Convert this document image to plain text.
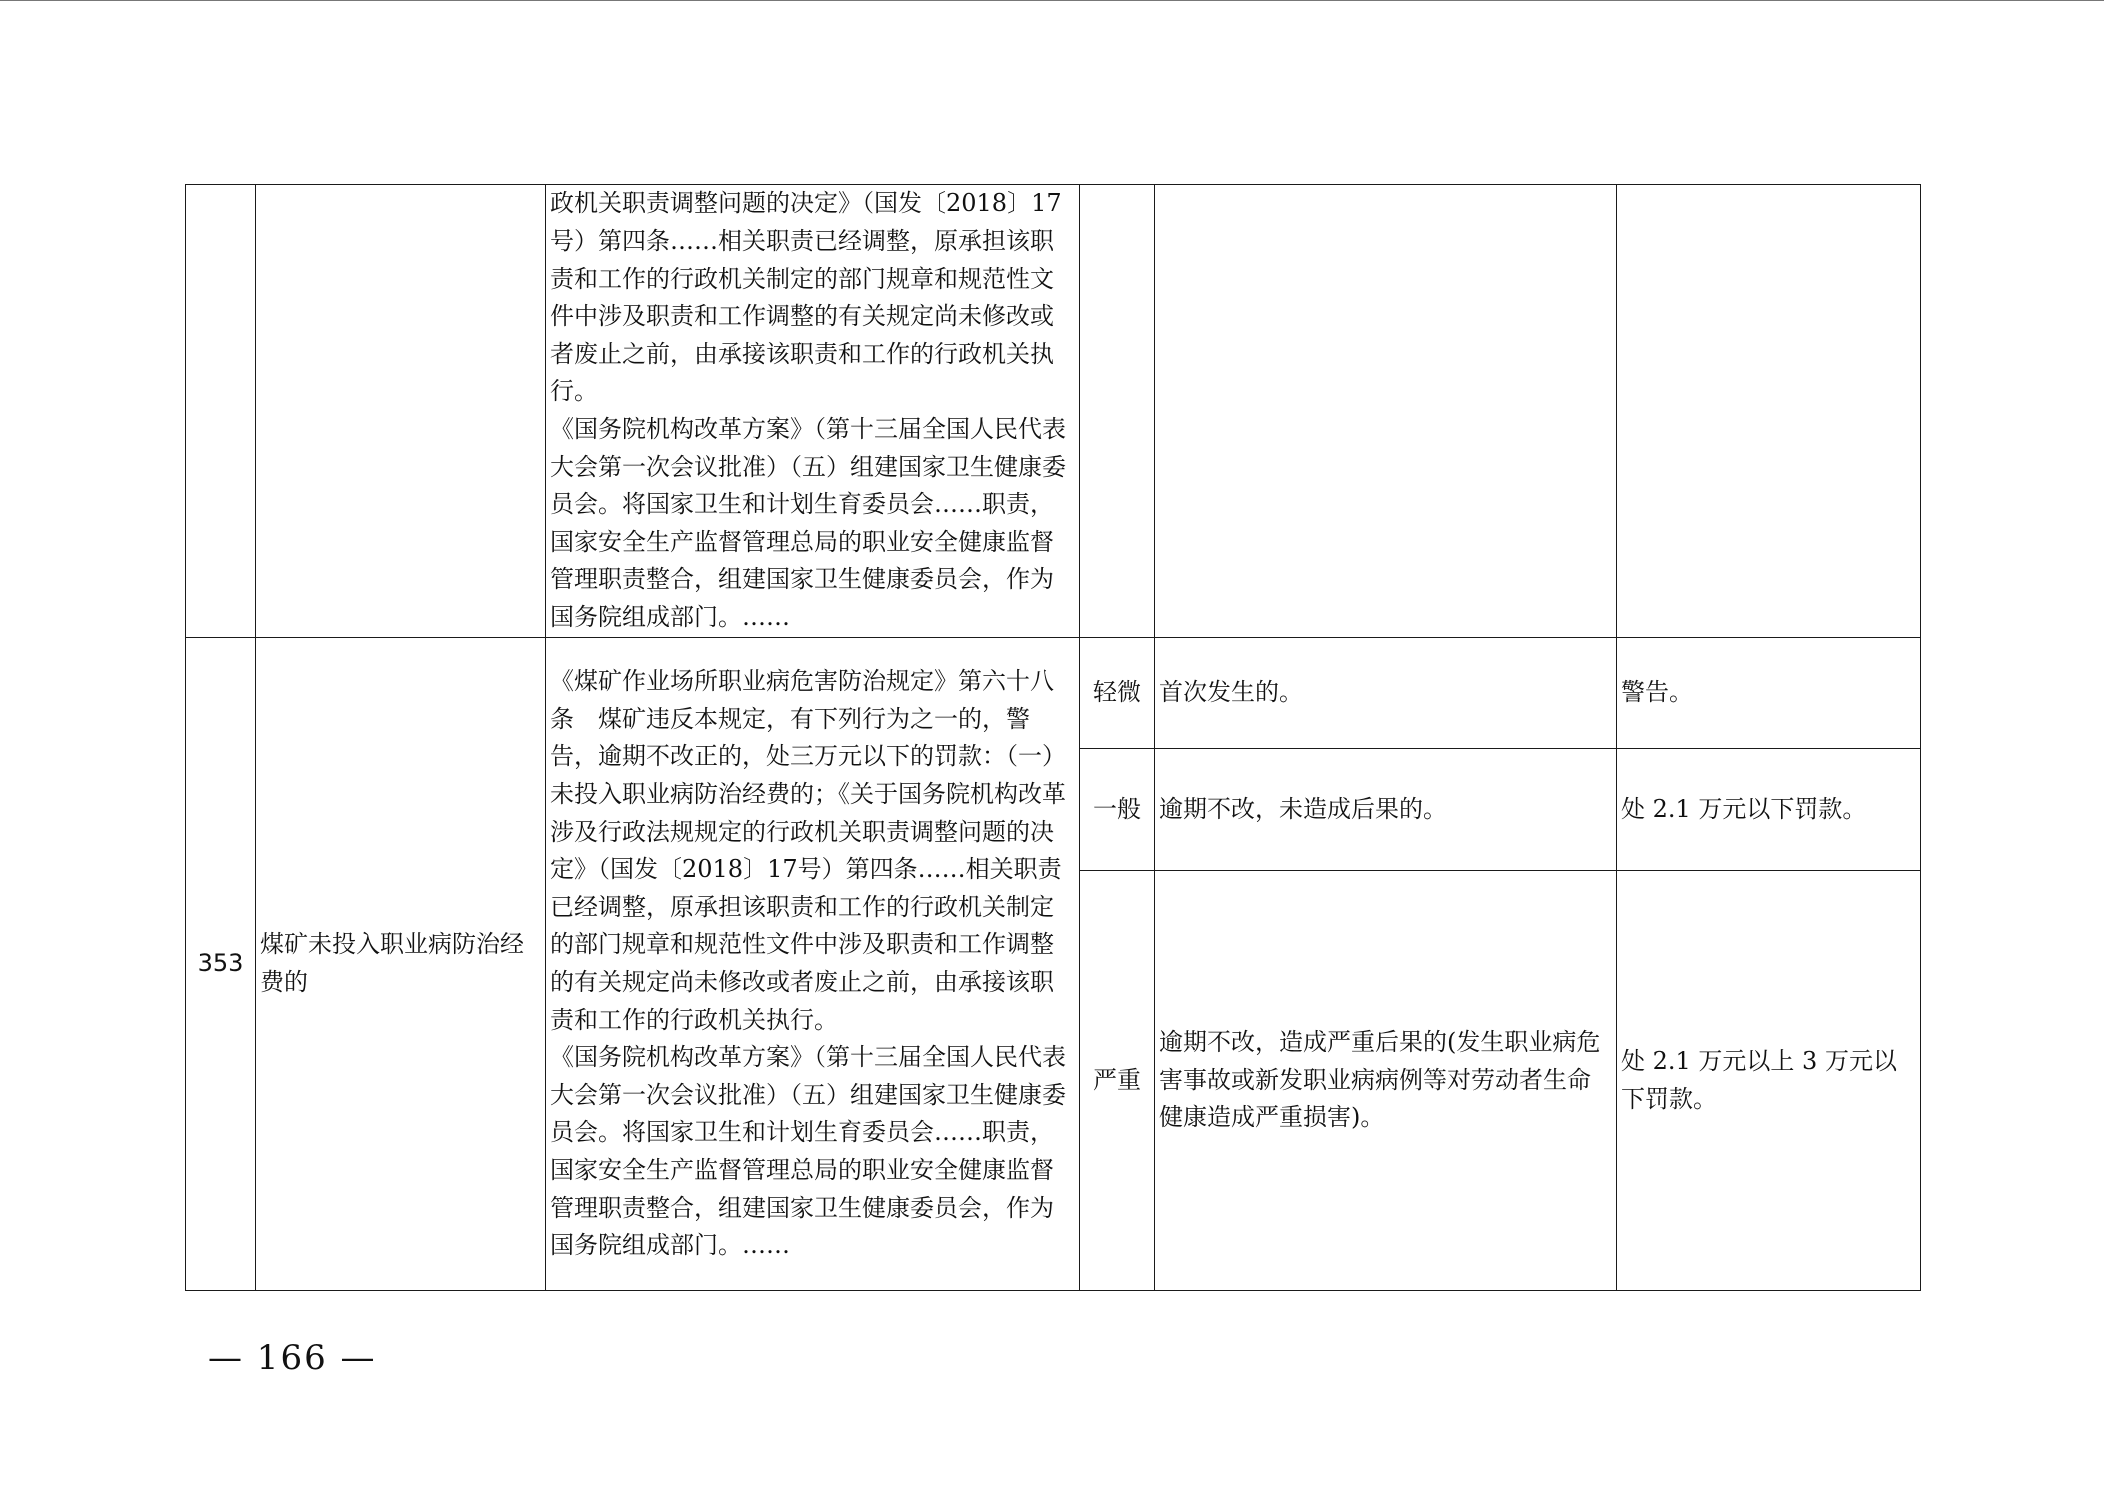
		政机关职责调整问题的决定》（国发〔2018〕17号）第四条……相关职责已经调整，原承担该职责和工作的行政机关制定的部门规章和规范性文件中涉及职责和工作调整的有关规定尚未修改或者废止之前，由承接该职责和工作的行政机关执行。
《国务院机构改革方案》（第十三届全国人民代表大会第一次会议批准）（五）组建国家卫生健康委员会。将国家卫生和计划生育委员会……职责，国家安全生产监督管理总局的职业安全健康监督管理职责整合，组建国家卫生健康委员会，作为国务院组成部门。……			

353	煤矿未投入职业病防治经费的	《煤矿作业场所职业病危害防治规定》第六十八条　煤矿违反本规定，有下列行为之一的，警告，逾期不改正的，处三万元以下的罚款：（一）未投入职业病防治经费的；《关于国务院机构改革涉及行政法规规定的行政机关职责调整问题的决定》（国发〔2018〕17号）第四条……相关职责已经调整，原承担该职责和工作的行政机关制定的部门规章和规范性文件中涉及职责和工作调整的有关规定尚未修改或者废止之前，由承接该职责和工作的行政机关执行。
《国务院机构改革方案》（第十三届全国人民代表大会第一次会议批准）（五）组建国家卫生健康委员会。将国家卫生和计划生育委员会……职责，国家安全生产监督管理总局的职业安全健康监督管理职责整合，组建国家卫生健康委员会，作为国务院组成部门。……	轻微	首次发生的。	警告。
			一般	逾期不改，未造成后果的。	处 2.1 万元以下罚款。
			严重	逾期不改，造成严重后果的(发生职业病危害事故或新发职业病病例等对劳动者生命健康造成严重损害)。	处 2.1 万元以上 3 万元以下罚款。
— 166 —
